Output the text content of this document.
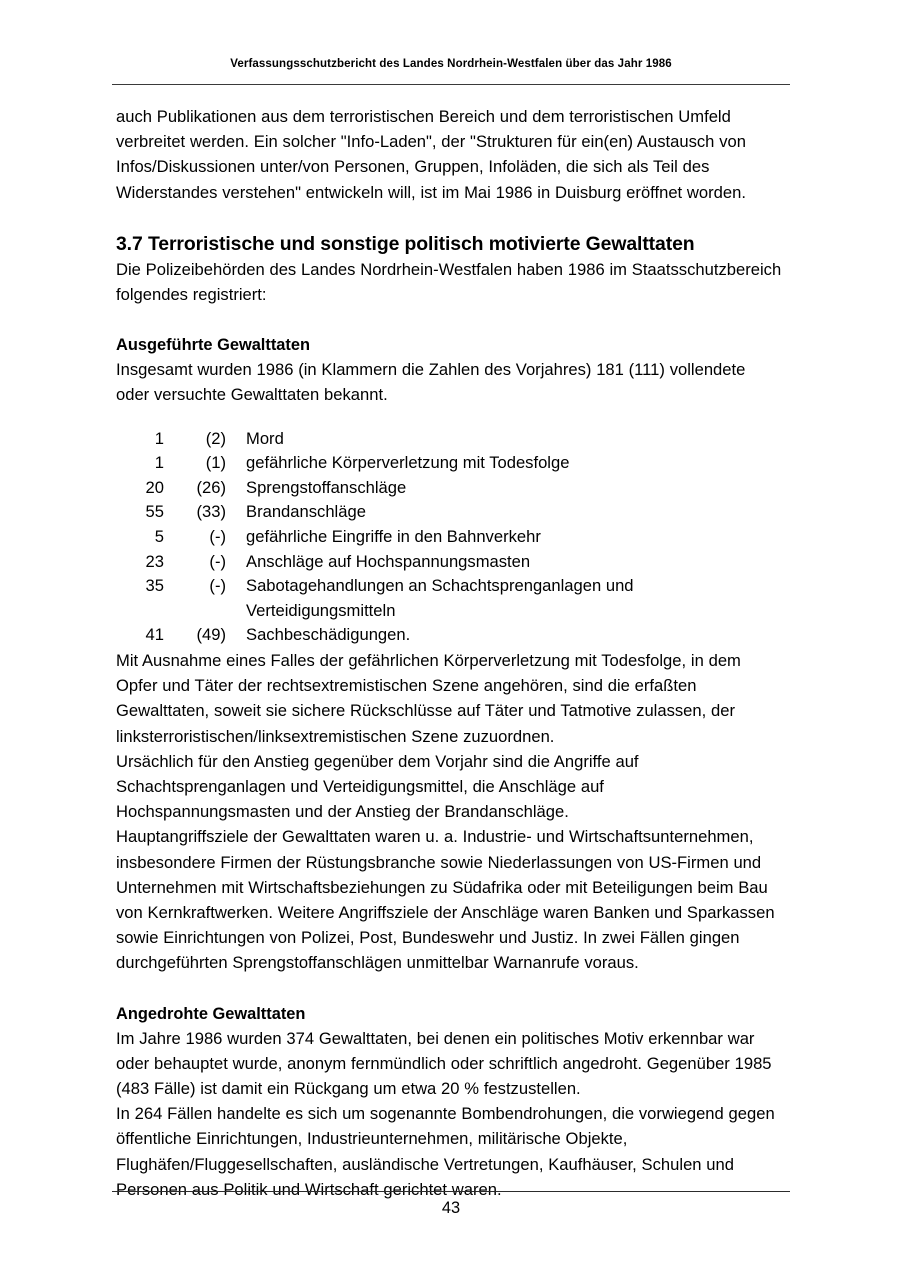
Verfassungsschutzbericht des Landes Nordrhein-Westfalen über das Jahr 1986

auch Publikationen aus dem terroristischen Bereich und dem terroristischen Umfeld verbreitet werden. Ein solcher "Info-Laden", der "Strukturen für ein(en) Austausch von Infos/Diskussionen unter/von Personen, Gruppen, Infoläden, die sich als Teil des Widerstandes verstehen" entwickeln will, ist im Mai 1986 in Duisburg eröffnet worden.

3.7 Terroristische und sonstige politisch motivierte Gewalttaten

Die Polizeibehörden des Landes Nordrhein-Westfalen haben 1986 im Staatsschutzbereich folgendes registriert:

Ausgeführte Gewalttaten

Insgesamt wurden 1986 (in Klammern die Zahlen des Vorjahres) 181 (111) vollendete oder versuchte Gewalttaten bekannt.

1	(2)	Mord
1	(1)	gefährliche Körperverletzung mit Todesfolge
20	(26)	Sprengstoffanschläge
55	(33)	Brandanschläge
5	(-)	gefährliche Eingriffe in den Bahnverkehr
23	(-)	Anschläge auf Hochspannungsmasten
35	(-)	Sabotagehandlungen an Schachtsprenganlagen und
Verteidigungsmitteln
41	(49)	Sachbeschädigungen.

Mit Ausnahme eines Falles der gefährlichen Körperverletzung mit Todesfolge, in dem Opfer und Täter der rechtsextremistischen Szene angehören, sind die erfaßten Gewalttaten, soweit sie sichere Rückschlüsse auf Täter und Tatmotive zulassen, der linksterroristischen/linksextremistischen Szene zuzuordnen.

Ursächlich für den Anstieg gegenüber dem Vorjahr sind die Angriffe auf Schachtsprenganlagen und Verteidigungsmittel, die Anschläge auf Hochspannungsmasten und der Anstieg der Brandanschläge.

Hauptangriffsziele der Gewalttaten waren u. a. Industrie- und Wirtschaftsunternehmen, insbesondere Firmen der Rüstungsbranche sowie Niederlassungen von US-Firmen und Unternehmen mit Wirtschaftsbeziehungen zu Südafrika oder mit Beteiligungen beim Bau von Kernkraftwerken. Weitere Angriffsziele der Anschläge waren Banken und Sparkassen sowie Einrichtungen von Polizei, Post, Bundeswehr und Justiz. In zwei Fällen gingen durchgeführten Sprengstoffanschlägen unmittelbar Warnanrufe voraus.

Angedrohte Gewalttaten

Im Jahre 1986 wurden 374 Gewalttaten, bei denen ein politisches Motiv erkennbar war oder behauptet wurde, anonym fernmündlich oder schriftlich angedroht. Gegenüber 1985 (483 Fälle) ist damit ein Rückgang um etwa 20 % festzustellen.

In 264 Fällen handelte es sich um sogenannte Bombendrohungen, die vorwiegend gegen öffentliche Einrichtungen, Industrieunternehmen, militärische Objekte, Flughäfen/Fluggesellschaften, ausländische Vertretungen, Kaufhäuser, Schulen und Personen aus Politik und Wirtschaft gerichtet waren.

43
